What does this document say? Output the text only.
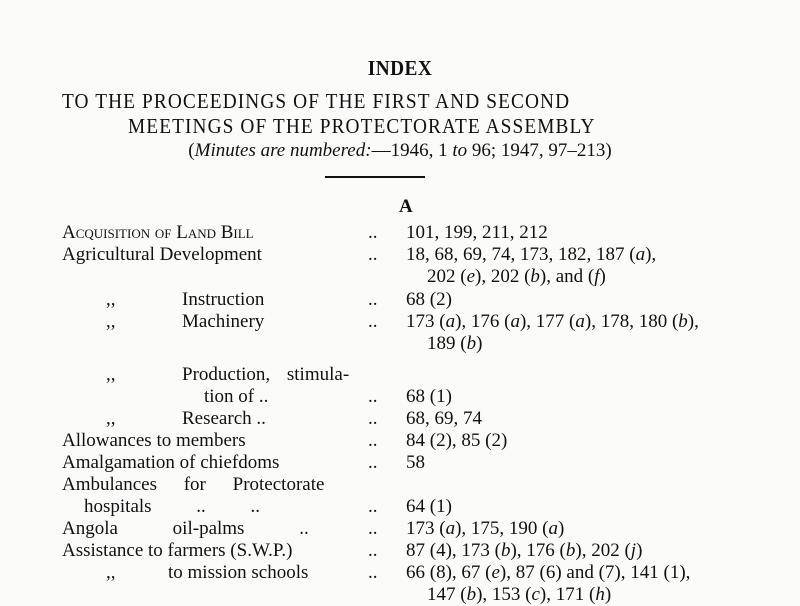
INDEX
TO THE PROCEEDINGS OF THE FIRST AND SECOND
MEETINGS OF THE PROTECTORATE ASSEMBLY
(Minutes are numbered:—1946, 1 to 96; 1947, 97–213)
A
Acquisition of Land Bill	.. 101, 199, 211, 212
Agricultural Development	.. 18, 68, 69, 74, 173, 182, 187 (a),
202 (e), 202 (b), and (f)
,,	Instruction	.. 68 (2)
,,	Machinery	.. 173 (a), 176 (a), 177 (a), 178, 180 (b),
189 (b)
,,	Production, stimula-
tion of ..	.. 68 (1)
,,	Research ..	.. 68, 69, 74
Allowances to members	.. 84 (2), 85 (2)
Amalgamation of chiefdoms	.. 58
Ambulances for Protectorate
hospitals .. ..	.. 64 (1)
Angola oil-palms ..	.. 173 (a), 175, 190 (a)
Assistance to farmers (S.W.P.)	.. 87 (4), 173 (b), 176 (b), 202 (j)
,,	to mission schools	.. 66 (8), 67 (e), 87 (6) and (7), 141 (1),
147 (b), 153 (c), 171 (h)
